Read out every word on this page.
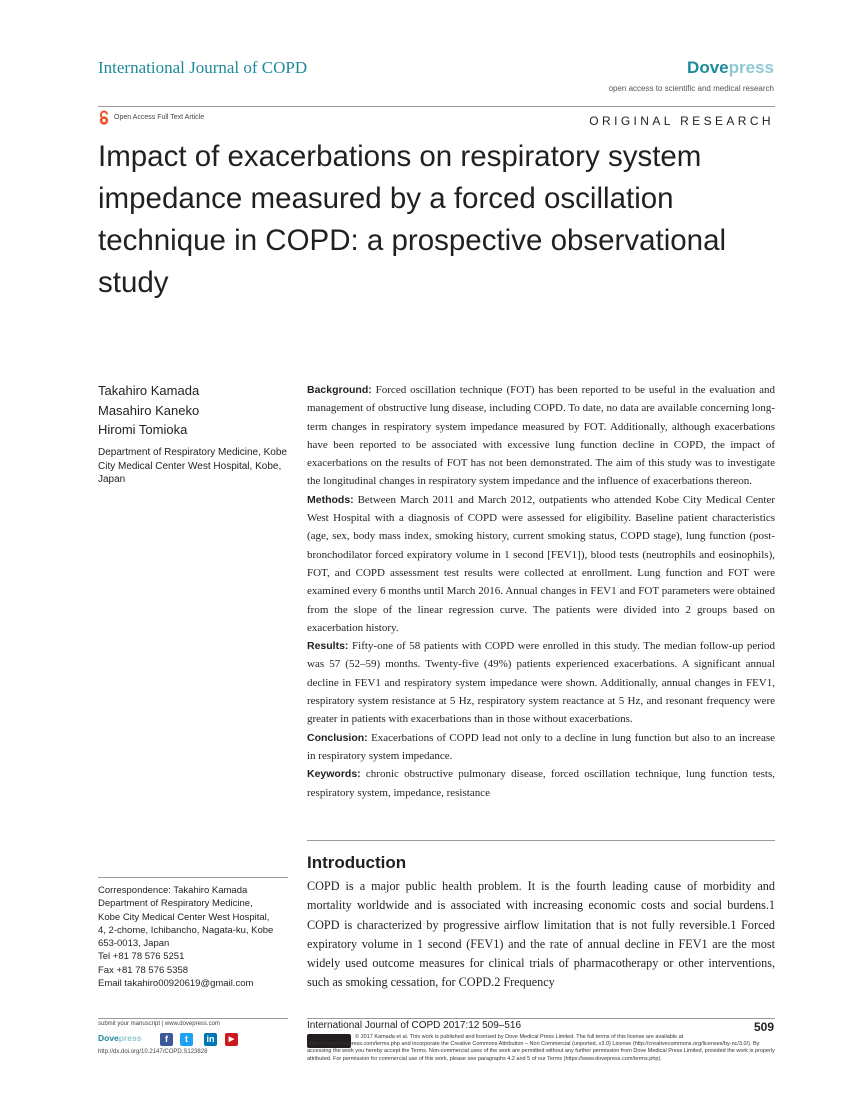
International Journal of COPD	Dovepress
open access to scientific and medical research
Open Access Full Text Article	ORIGINAL RESEARCH
Impact of exacerbations on respiratory system impedance measured by a forced oscillation technique in COPD: a prospective observational study
Takahiro Kamada
Masahiro Kaneko
Hiromi Tomioka
Department of Respiratory Medicine, Kobe City Medical Center West Hospital, Kobe, Japan

Background: Forced oscillation technique (FOT) has been reported to be useful in the evaluation and management of obstructive lung disease, including COPD. To date, no data are available concerning long-term changes in respiratory system impedance measured by FOT. Additionally, although exacerbations have been reported to be associated with excessive lung function decline in COPD, the impact of exacerbations on the results of FOT has not been demonstrated. The aim of this study was to investigate the longitudinal changes in respiratory system impedance and the influence of exacerbations thereon.

Methods: Between March 2011 and March 2012, outpatients who attended Kobe City Medical Center West Hospital with a diagnosis of COPD were assessed for eligibility. Baseline patient characteristics (age, sex, body mass index, smoking history, current smoking status, COPD stage), lung function (post-bronchodilator forced expiratory volume in 1 second [FEV1]), blood tests (neutrophils and eosinophils), FOT, and COPD assessment test results were collected at enrollment. Lung function and FOT were examined every 6 months until March 2016. Annual changes in FEV1 and FOT parameters were obtained from the slope of the linear regression curve. The patients were divided into 2 groups based on exacerbation history.

Results: Fifty-one of 58 patients with COPD were enrolled in this study. The median follow-up period was 57 (52–59) months. Twenty-five (49%) patients experienced exacerbations. A significant annual decline in FEV1 and respiratory system impedance were shown. Additionally, annual changes in FEV1, respiratory system resistance at 5 Hz, respiratory system reactance at 5 Hz, and resonant frequency were greater in patients with exacerbations than in those without exacerbations.

Conclusion: Exacerbations of COPD lead not only to a decline in lung function but also to an increase in respiratory system impedance.

Keywords: chronic obstructive pulmonary disease, forced oscillation technique, lung function tests, respiratory system, impedance, resistance

Introduction
COPD is a major public health problem. It is the fourth leading cause of morbidity and mortality worldwide and is associated with increasing economic costs and social burdens.1 COPD is characterized by progressive airflow limitation that is not fully reversible.1 Forced expiratory volume in 1 second (FEV1) and the rate of annual decline in FEV1 are the most widely used outcome measures for clinical trials of pharmacotherapy or other interventions, such as smoking cessation, for COPD.2 Frequency
Correspondence: Takahiro Kamada
Department of Respiratory Medicine,
Kobe City Medical Center West Hospital,
4, 2-chome, Ichibancho, Nagata-ku, Kobe
653-0013, Japan
Tel +81 78 576 5251
Fax +81 78 576 5358
Email takahiro00920619@gmail.com
submit your manuscript | www.dovepress.com
Dovepress	f	t	in	▶
http://dx.doi.org/10.2147/COPD.S123828
International Journal of COPD 2017:12 509–516	509
© 2017 Kamada et al. This work is published and licensed by Dove Medical Press Limited. The full terms of this license are available at https://www.dovepress.com/terms.php and incorporate the Creative Commons Attribution – Non Commercial (unported, v3.0) License (http://creativecommons.org/licenses/by-nc/3.0/). By accessing the work you hereby accept the Terms. Non-commercial uses of the work are permitted without any further permission from Dove Medical Press Limited, provided the work is properly attributed. For permission for commercial use of this work, please see paragraphs 4.2 and 5 of our Terms (https://www.dovepress.com/terms.php).
